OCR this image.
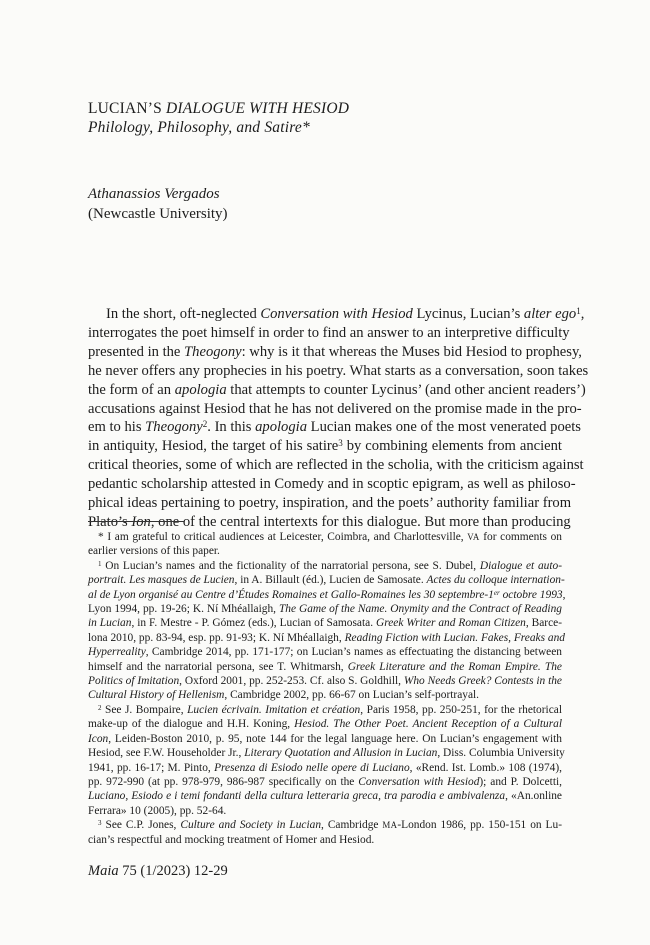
LUCIAN’S DIALOGUE WITH HESIOD
Philology, Philosophy, and Satire*
Athanassios Vergados
(Newcastle University)
In the short, oft-neglected Conversation with Hesiod Lycinus, Lucian’s alter ego$^1$,
interrogates the poet himself in order to find an answer to an interpretive difficulty
presented in the Theogony: why is it that whereas the Muses bid Hesiod to prophesy,
he never offers any prophecies in his poetry. What starts as a conversation, soon takes
the form of an apologia that attempts to counter Lycinus’ (and other ancient readers’)
accusations against Hesiod that he has not delivered on the promise made in the pro-
em to his Theogony$^2$. In this apologia Lucian makes one of the most venerated poets
in antiquity, Hesiod, the target of his satire$^3$ by combining elements from ancient
critical theories, some of which are reflected in the scholia, with the criticism against
pedantic scholarship attested in Comedy and in scoptic epigram, as well as philoso-
phical ideas pertaining to poetry, inspiration, and the poets’ authority familiar from
Plato’s Ion, one of the central intertexts for this dialogue. But more than producing
* I am grateful to critical audiences at Leicester, Coimbra, and Charlottesville, VA for comments on
earlier versions of this paper.
$^1$ On Lucian’s names and the fictionality of the narratorial persona, see S. Dubel, Dialogue et auto-
portrait. Les masques de Lucien, in A. Billault (éd.), Lucien de Samosate. Actes du colloque internation-
al de Lyon organisé au Centre d’Études Romaines et Gallo-Romaines les 30 septembre-1er octobre 1993,
Lyon 1994, pp. 19-26; K. Ní Mhéallaigh, The Game of the Name. Onymity and the Contract of Reading
in Lucian, in F. Mestre - P. Gómez (eds.), Lucian of Samosata. Greek Writer and Roman Citizen, Barce-
lona 2010, pp. 83-94, esp. pp. 91-93; K. Ní Mhéallaigh, Reading Fiction with Lucian. Fakes, Freaks and
Hyperreality, Cambridge 2014, pp. 171-177; on Lucian’s names as effectuating the distancing between
himself and the narratorial persona, see T. Whitmarsh, Greek Literature and the Roman Empire. The
Politics of Imitation, Oxford 2001, pp. 252-253. Cf. also S. Goldhill, Who Needs Greek? Contests in the
Cultural History of Hellenism, Cambridge 2002, pp. 66-67 on Lucian’s self-portrayal.
$^2$ See J. Bompaire, Lucien écrivain. Imitation et création, Paris 1958, pp. 250-251, for the rhetorical
make-up of the dialogue and H.H. Koning, Hesiod. The Other Poet. Ancient Reception of a Cultural
Icon, Leiden-Boston 2010, p. 95, note 144 for the legal language here. On Lucian’s engagement with
Hesiod, see F.W. Householder Jr., Literary Quotation and Allusion in Lucian, Diss. Columbia University
1941, pp. 16-17; M. Pinto, Presenza di Esiodo nelle opere di Luciano, «Rend. Ist. Lomb.» 108 (1974),
pp. 972-990 (at pp. 978-979, 986-987 specifically on the Conversation with Hesiod); and P. Dolcetti,
Luciano, Esiodo e i temi fondanti della cultura letteraria greca, tra parodia e ambivalenza, «An.online
Ferrara» 10 (2005), pp. 52-64.
$^3$ See C.P. Jones, Culture and Society in Lucian, Cambridge MA-London 1986, pp. 150-151 on Lu-
cian’s respectful and mocking treatment of Homer and Hesiod.
Maia 75 (1/2023) 12-29
